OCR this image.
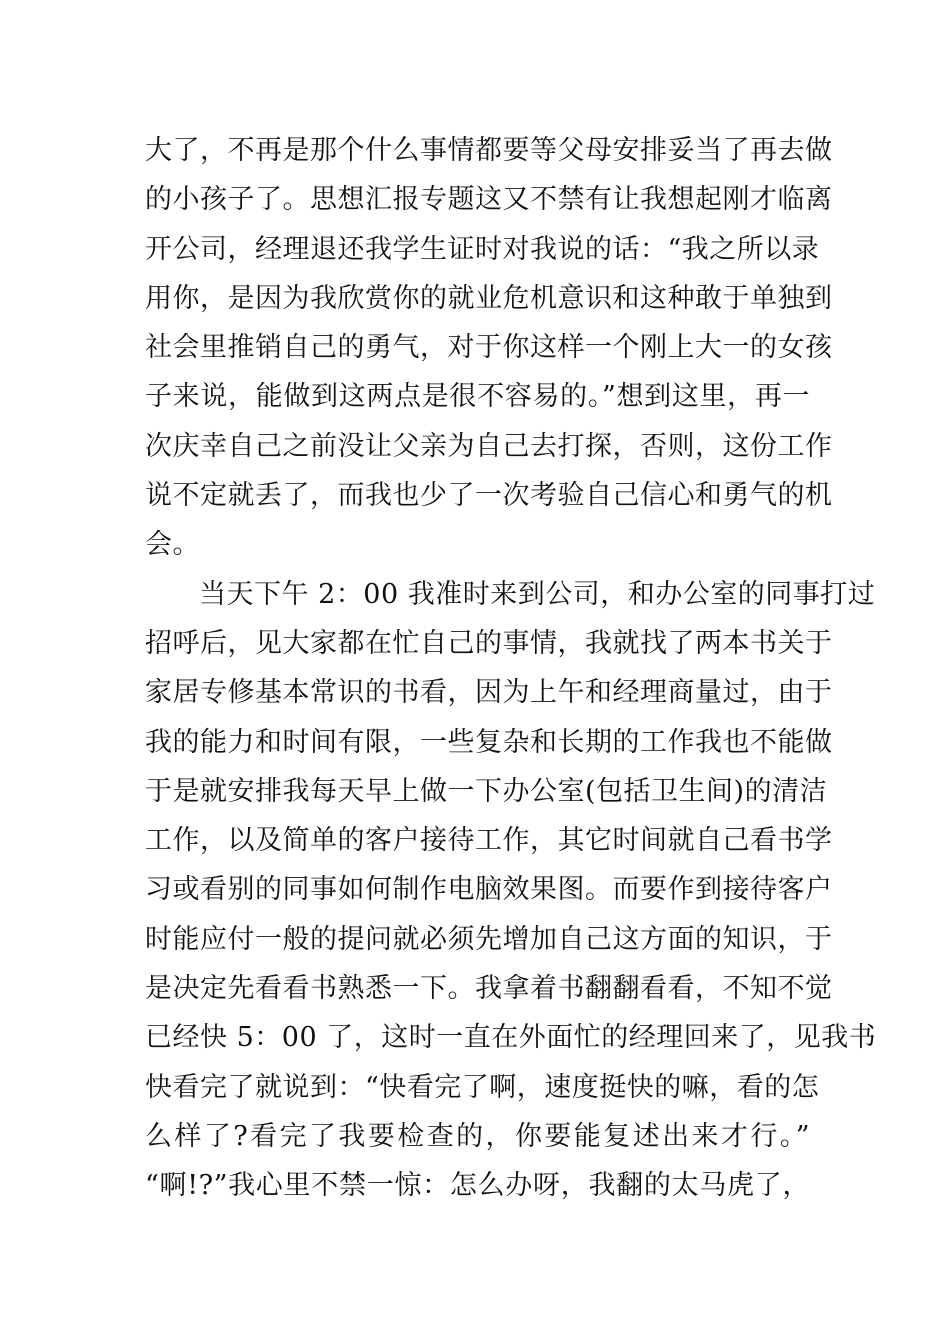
大了，不再是那个什么事情都要等父母安排妥当了再去做
的小孩子了。思想汇报专题这又不禁有让我想起刚才临离
开公司，经理退还我学生证时对我说的话：“我之所以录
用你，是因为我欣赏你的就业危机意识和这种敢于单独到
社会里推销自己的勇气，对于你这样一个刚上大一的女孩
子来说，能做到这两点是很不容易的。”想到这里，再一
次庆幸自己之前没让父亲为自己去打探，否则，这份工作
说不定就丢了，而我也少了一次考验自己信心和勇气的机
会。
当天下午 2：00 我准时来到公司，和办公室的同事打过
招呼后，见大家都在忙自己的事情，我就找了两本书关于
家居专修基本常识的书看，因为上午和经理商量过，由于
我的能力和时间有限，一些复杂和长期的工作我也不能做
于是就安排我每天早上做一下办公室(包括卫生间)的清洁
工作，以及简单的客户接待工作，其它时间就自己看书学
习或看别的同事如何制作电脑效果图。而要作到接待客户
时能应付一般的提问就必须先增加自己这方面的知识，于
是决定先看看书熟悉一下。我拿着书翻翻看看，不知不觉
已经快 5：00 了，这时一直在外面忙的经理回来了，见我书
快看完了就说到：“快看完了啊，速度挺快的嘛，看的怎
么样了?看完了我要检查的，你要能复述出来才行。”
“啊!?”我心里不禁一惊：怎么办呀，我翻的太马虎了，
